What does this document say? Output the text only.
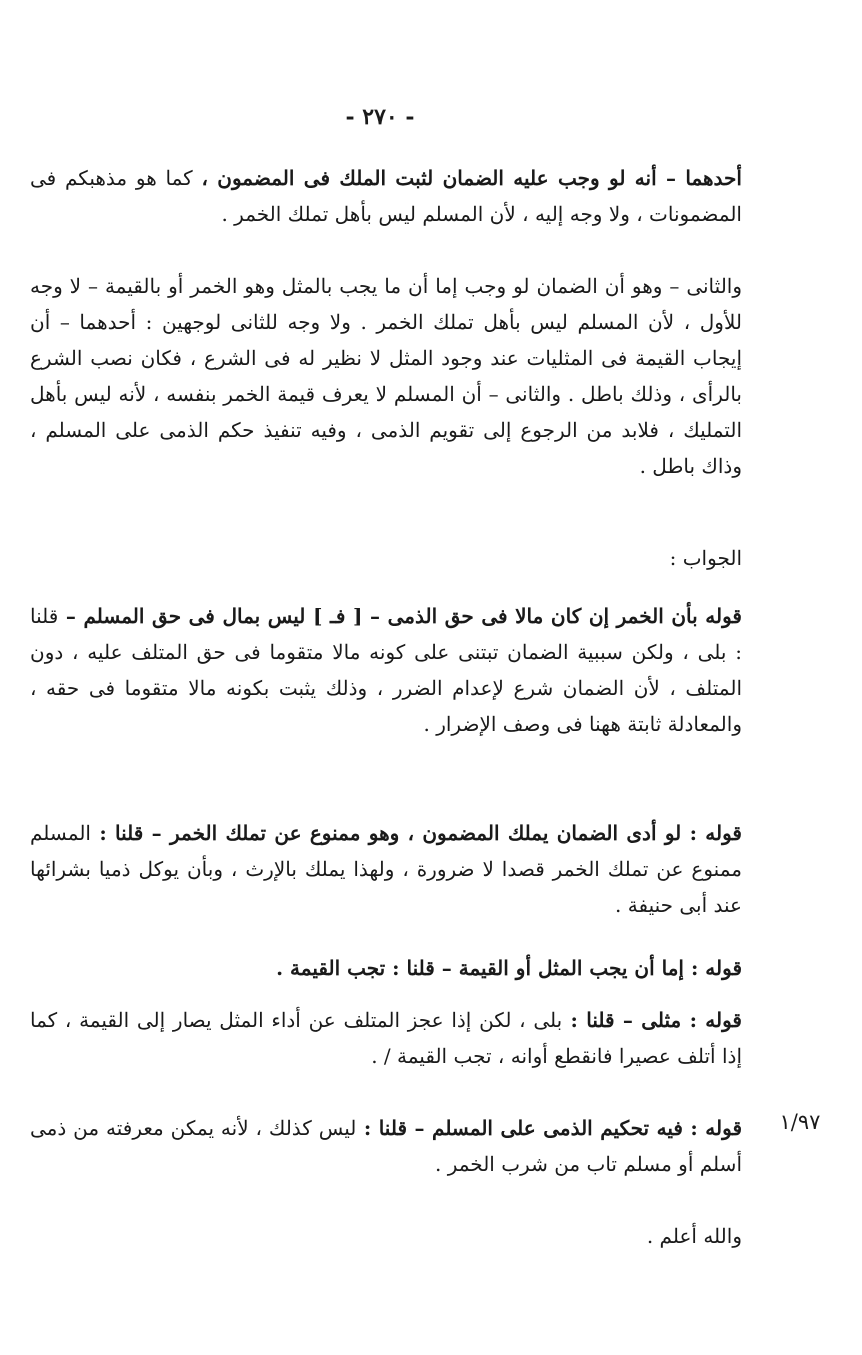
- ٢٧٠ -

أحدهما – أنه لو وجب عليه الضمان لثبت الملك فى المضمون ، كما هو مذهبكم فى المضمونات ، ولا وجه إليه ، لأن المسلم ليس بأهل تملك الخمر .

والثانى – وهو أن الضمان لو وجب إما أن ما يجب بالمثل وهو الخمر أو بالقيمة – لا وجه للأول ، لأن المسلم ليس بأهل تملك الخمر . ولا وجه للثانى لوجهين : أحدهما – أن إيجاب القيمة فى المثليات عند وجود المثل لا نظير له فى الشرع ، فكان نصب الشرع بالرأى ، وذلك باطل . والثانى – أن المسلم لا يعرف قيمة الخمر بنفسه ، لأنه ليس بأهل التمليك ، فلابد من الرجوع إلى تقويم الذمى ، وفيه تنفيذ حكم الذمى على المسلم ، وذاك باطل .

الجواب :

قوله بأن الخمر إن كان مالا فى حق الذمى – [ فـ ] ليس بمال فى حق المسلم – قلنا : بلى ، ولكن سببية الضمان تبتنى على كونه مالا متقوما فى حق المتلف عليه ، دون المتلف ، لأن الضمان شرع لإعدام الضرر ، وذلك يثبت بكونه مالا متقوما فى حقه ، والمعادلة ثابتة ههنا فى وصف الإضرار .

قوله : لو أدى الضمان يملك المضمون ، وهو ممنوع عن تملك الخمر – قلنا : المسلم ممنوع عن تملك الخمر قصدا لا ضرورة ، ولهذا يملك بالإرث ، وبأن يوكل ذميا بشرائها عند أبى حنيفة .

قوله : إما أن يجب المثل أو القيمة – قلنا : تجب القيمة .

قوله : مثلى – قلنا : بلى ، لكن إذا عجز المتلف عن أداء المثل يصار إلى القيمة ، كما إذا أتلف عصيرا فانقطع أوانه ، تجب القيمة / .

١/٩٧

قوله : فيه تحكيم الذمى على المسلم – قلنا : ليس كذلك ، لأنه يمكن معرفته من ذمى أسلم أو مسلم تاب من شرب الخمر .

والله أعلم .
